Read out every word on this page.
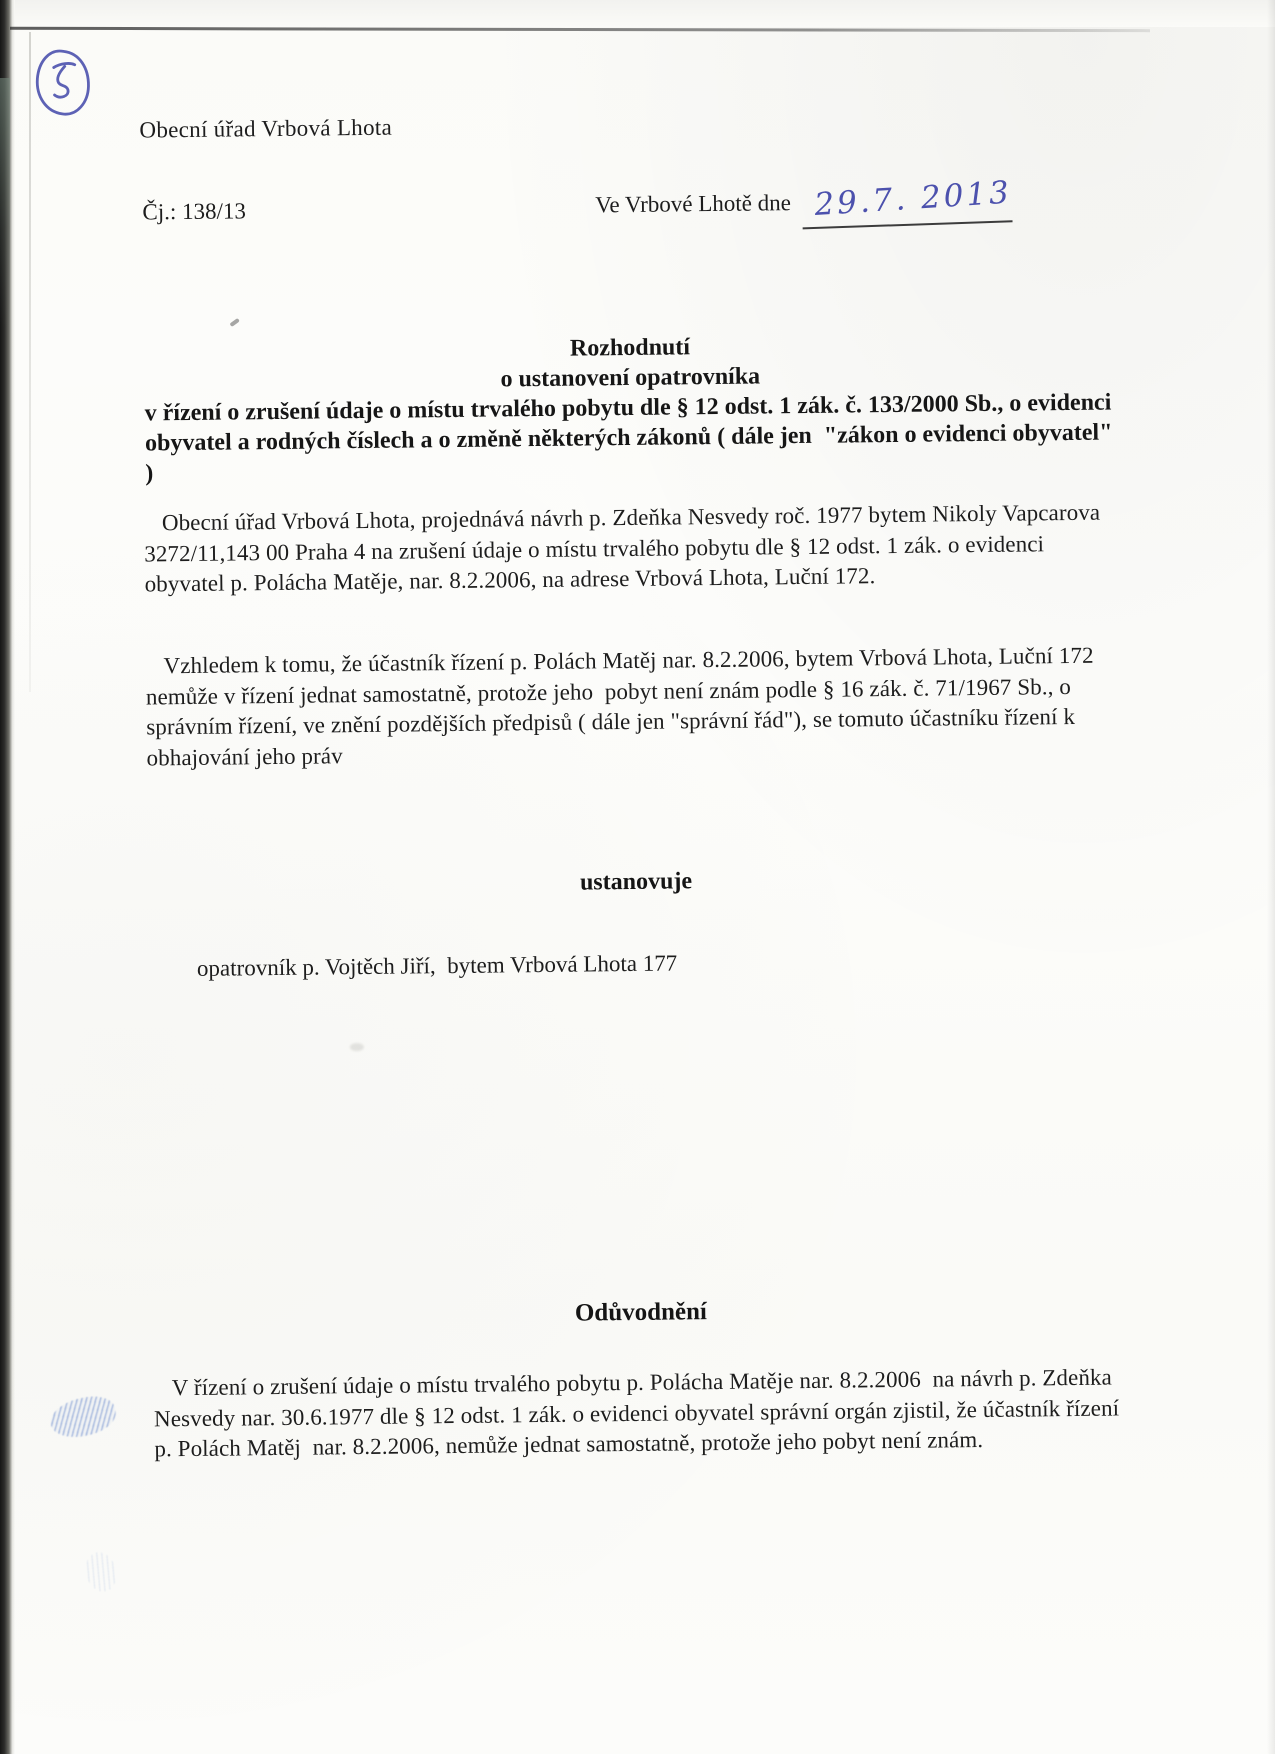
Obecní úřad Vrbová Lhota
Čj.: 138/13	Ve Vrbové Lhotě dne 29.7. 2013
Rozhodnutí
o ustanovení opatrovníka
v řízení o zrušení údaje o místu trvalého pobytu dle § 12 odst. 1 zák. č. 133/2000 Sb., o evidenci obyvatel a rodných číslech a o změně některých zákonů ( dále jen  "zákon o evidenci obyvatel" )
Obecní úřad Vrbová Lhota, projednává návrh p. Zdeňka Nesvedy roč. 1977 bytem Nikoly Vapcarova 3272/11,143 00 Praha 4 na zrušení údaje o místu trvalého pobytu dle § 12 odst. 1 zák. o evidenci obyvatel p. Polácha Matěje, nar. 8.2.2006, na adrese Vrbová Lhota, Luční 172.
Vzhledem k tomu, že účastník řízení p. Polách Matěj nar. 8.2.2006, bytem Vrbová Lhota, Luční 172 nemůže v řízení jednat samostatně, protože jeho  pobyt není znám podle § 16 zák. č. 71/1967 Sb., o správním řízení, ve znění pozdějších předpisů ( dále jen "správní řád"), se tomuto účastníku řízení k obhajování jeho práv
ustanovuje
opatrovník p. Vojtěch Jiří,  bytem Vrbová Lhota 177
Odůvodnění
V řízení o zrušení údaje o místu trvalého pobytu p. Polácha Matěje nar. 8.2.2006  na návrh p. Zdeňka Nesvedy nar. 30.6.1977 dle § 12 odst. 1 zák. o evidenci obyvatel správní orgán zjistil, že účastník řízení p. Polách Matěj  nar. 8.2.2006, nemůže jednat samostatně, protože jeho pobyt není znám.
